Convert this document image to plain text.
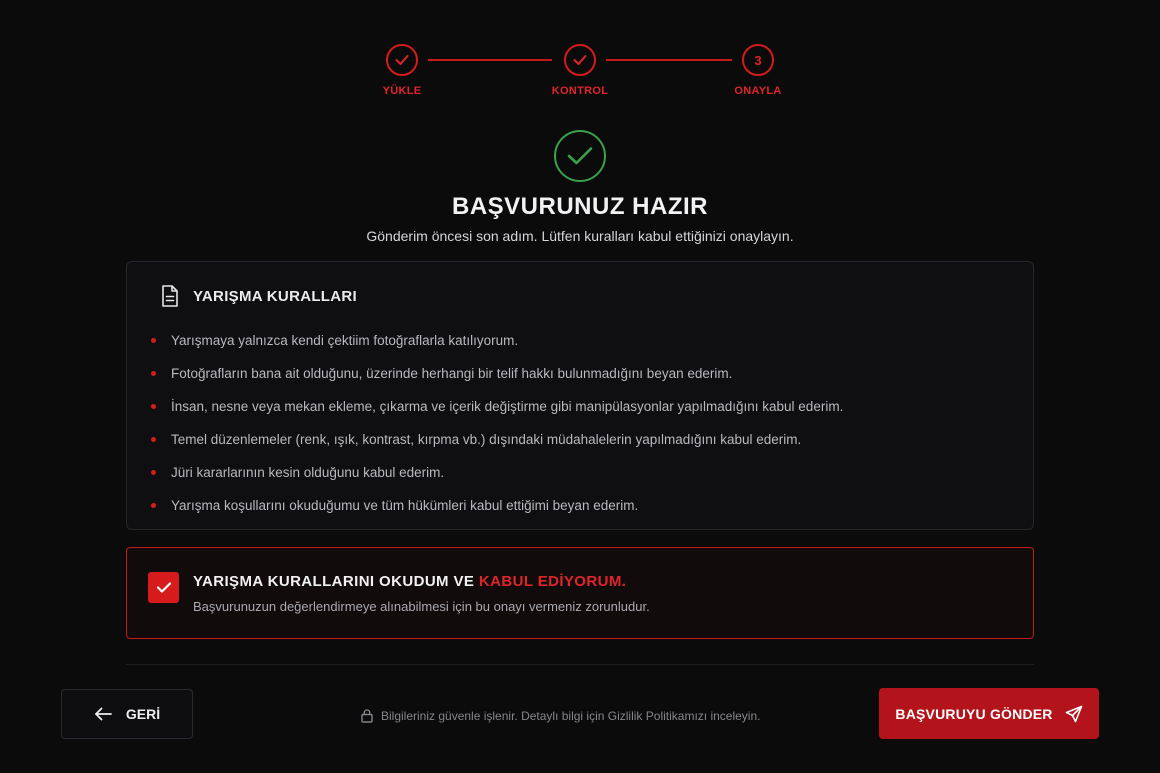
3
YÜKLE	KONTROL	ONAYLA
BAŞVURUNUZ HAZIR

Gönderim öncesi son adım. Lütfen kuralları kabul ettiğinizi onaylayın.

YARIŞMA KURALLARI
Yarışmaya yalnızca kendi çektiim fotoğraflarla katılıyorum.
Fotoğrafların bana ait olduğunu, üzerinde herhangi bir telif hakkı bulunmadığını beyan ederim.
İnsan, nesne veya mekan ekleme, çıkarma ve içerik değiştirme gibi manipülasyonlar yapılmadığını kabul ederim.
Temel düzenlemeler (renk, ışık, kontrast, kırpma vb.) dışındaki müdahalelerin yapılmadığını kabul ederim.
Jüri kararlarının kesin olduğunu kabul ederim.
Yarışma koşullarını okuduğumu ve tüm hükümleri kabul ettiğimi beyan ederim.
YARIŞMA KURALLARINI OKUDUM VE KABUL EDİYORUM.
Başvurunuzun değerlendirmeye alınabilmesi için bu onayı vermeniz zorunludur.
GERİ	Bilgileriniz güvenle işlenir. Detaylı bilgi için Gizlilik Politikamızı inceleyin.	BAŞVURUYU GÖNDER
